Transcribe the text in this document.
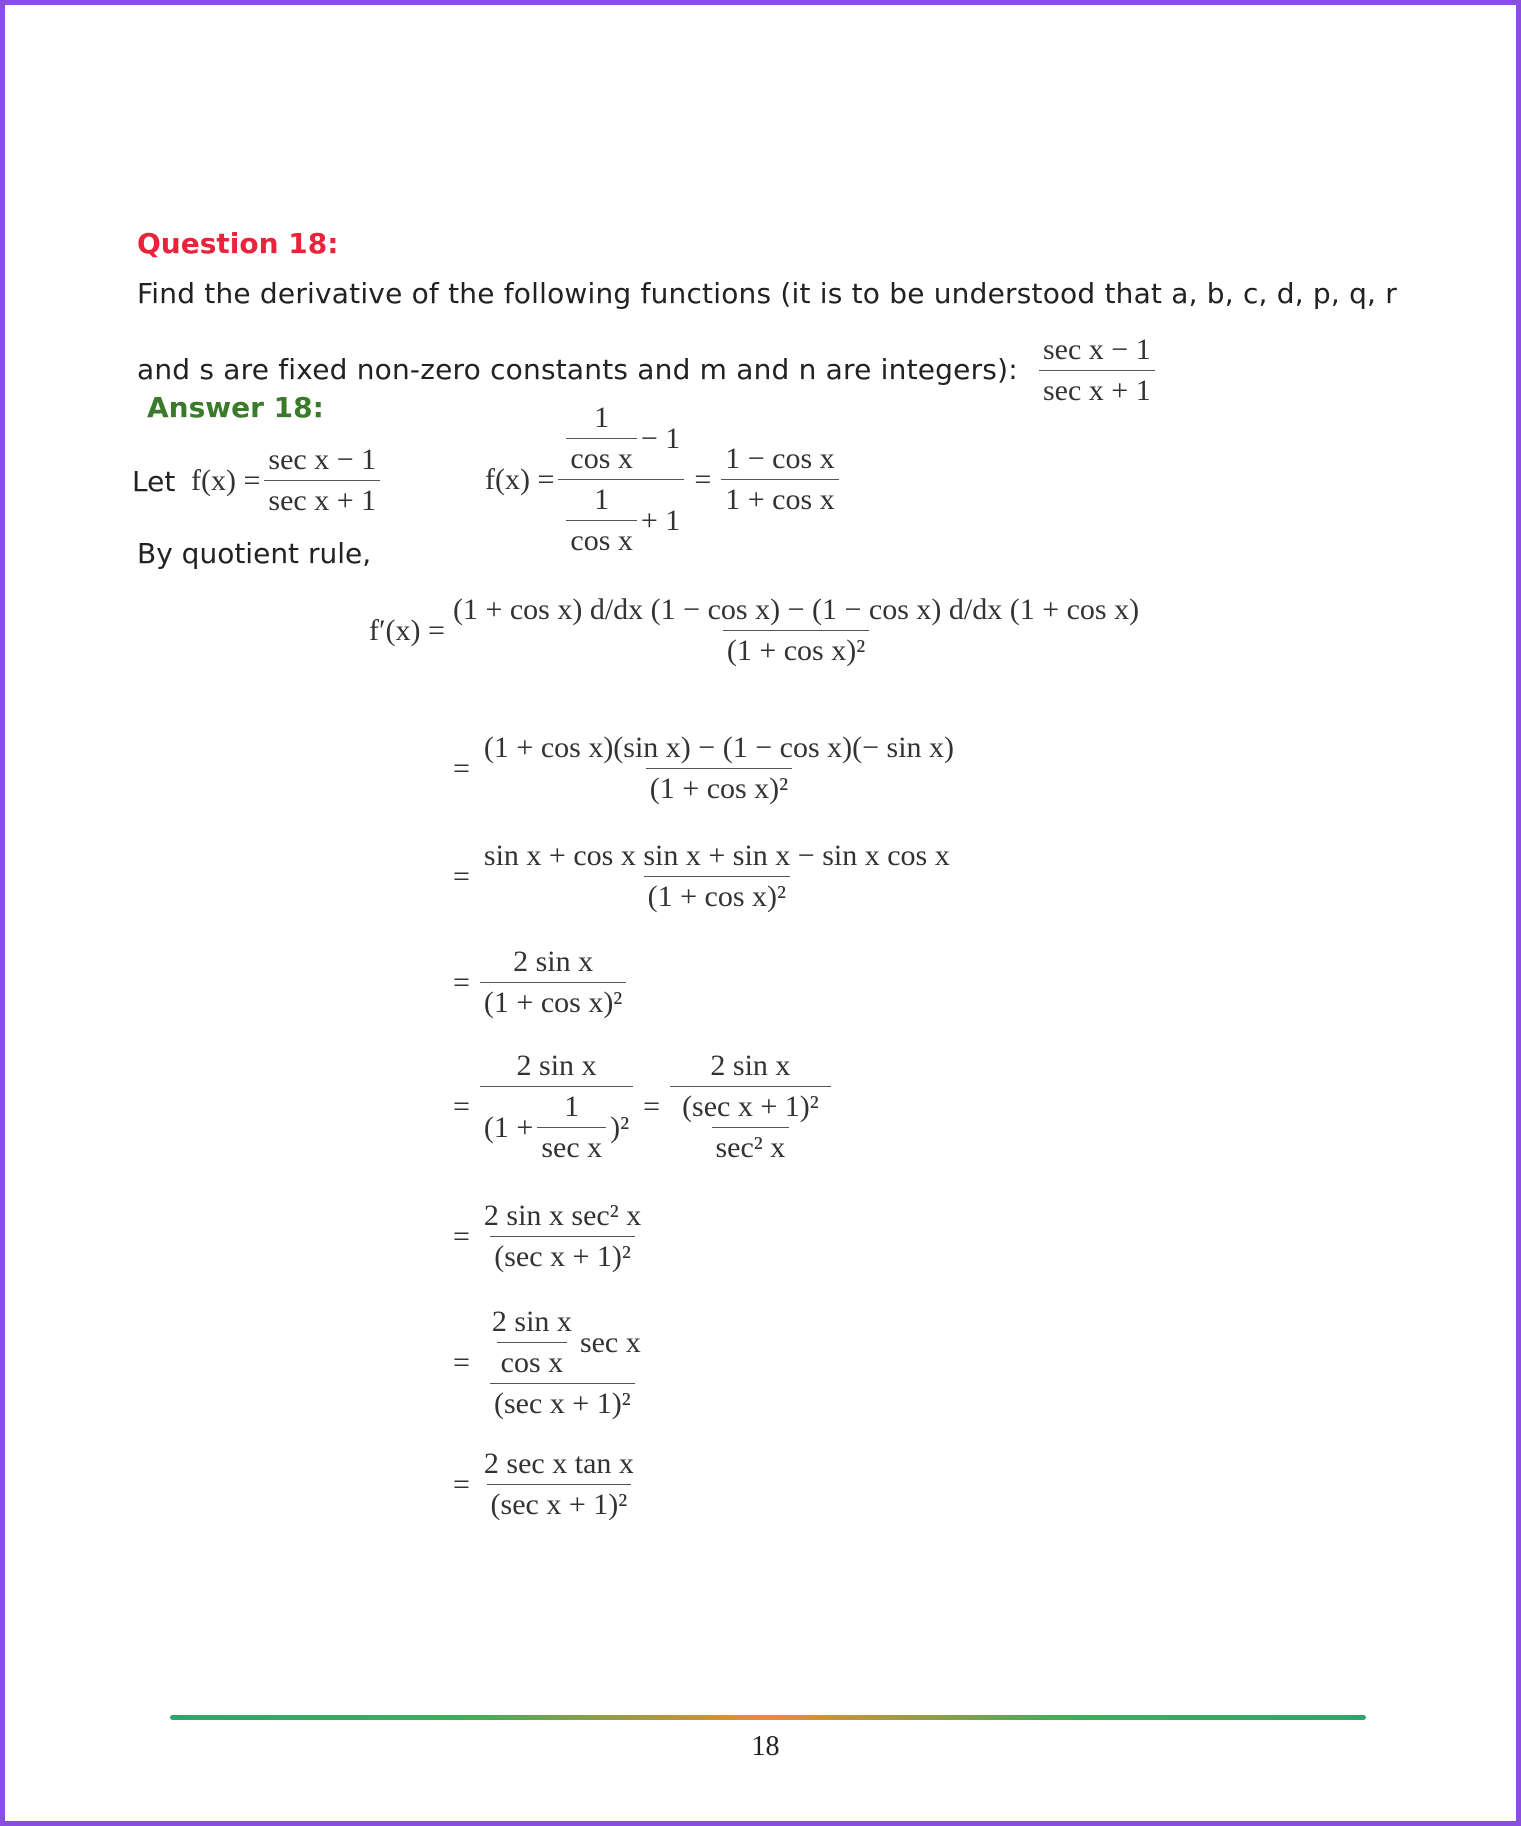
Question 18:
Find the derivative of the following functions (it is to be understood that a, b, c, d, p, q, r
and s are fixed non-zero constants and m and n are integers): $\frac{\text{sec x − 1}}{\text{sec x + 1}}$
Answer 18:
Let $f(x) = \frac{\text{sec x − 1}}{\text{sec x + 1}}$	$f(x) = \frac{\frac{1}{\text{cos x}} - 1}{\frac{1}{\text{cos x}} + 1} = \frac{\text{1 − cos x}}{\text{1 + cos x}}$
By quotient rule,
$f'(x) = \frac{\text{(1 + cos x) d/dx (1 − cos x) − (1 − cos x) d/dx (1 + cos x)}}{\text{(1 + cos x)²}}$
= $\frac{\text{(1 + cos x)(sin x) − (1 − cos x)(− sin x)}}{\text{(1 + cos x)²}}$
= $\frac{\text{sin x + cos x sin x + sin x − sin x cos x}}{\text{(1 + cos x)²}}$
= $\frac{\text{2 sin x}}{\text{(1 + cos x)²}}$
=
2 sin x
$(1 + \frac{1}{\text{sec x}} )^2$
= $\frac{\text{2 sin x}}{\frac{\text{(sec x + 1)²}}{\text{sec² x}}}$
= $\frac{\text{2 sin x sec² x}}{\text{(sec x + 1)²}}$
= $\frac{\frac{\text{2 sin x}}{\text{cos x}} \sec x}{\text{(sec x + 1)²}}$
= $\frac{\text{2 sec x tan x}}{\text{(sec x + 1)²}}$
18
